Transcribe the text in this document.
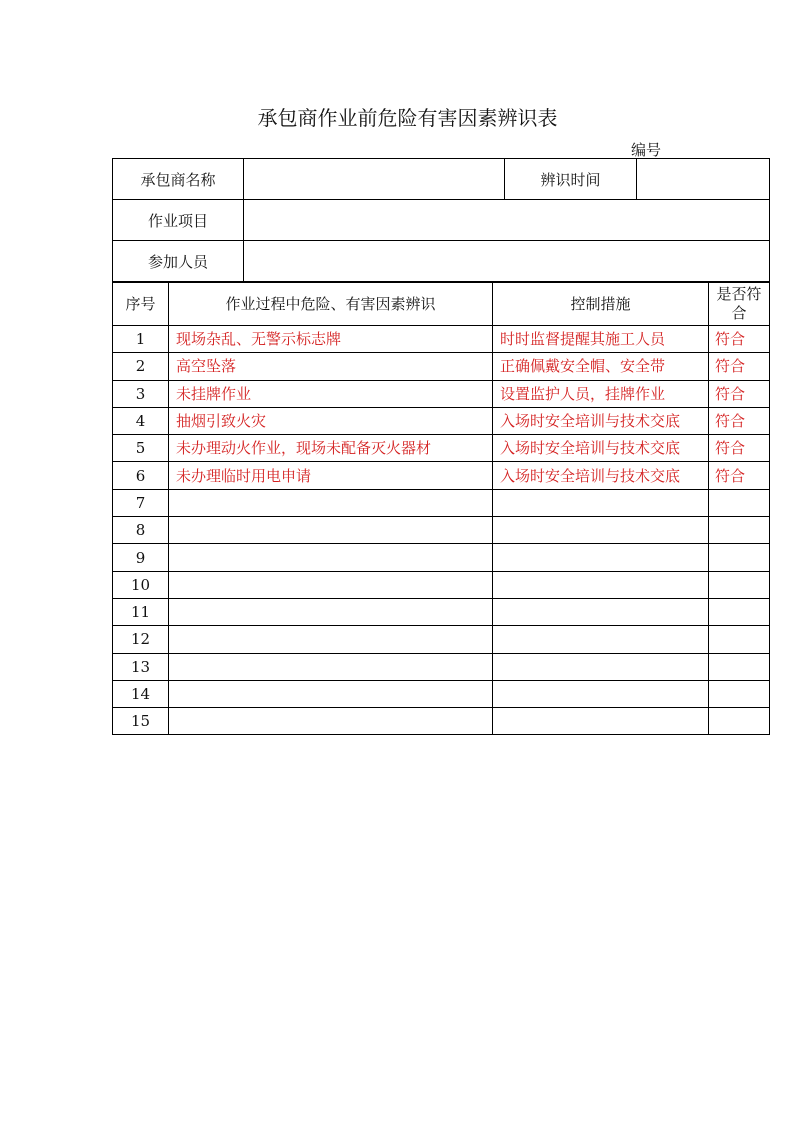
承包商作业前危险有害因素辨识表
编号
承包商名称		辨识时间	
作业项目			
参加人员			
序号	作业过程中危险、有害因素辨识	控制措施	是否符合
1	现场杂乱、无警示标志牌	时时监督提醒其施工人员	符合
2	高空坠落	正确佩戴安全帽、安全带	符合
3	未挂牌作业	设置监护人员，挂牌作业	符合
4	抽烟引致火灾	入场时安全培训与技术交底	符合
5	未办理动火作业，现场未配备灭火器材	入场时安全培训与技术交底	符合
6	未办理临时用电申请	入场时安全培训与技术交底	符合
7			
8			
9			
10			
11			
12			
13			
14			
15			
